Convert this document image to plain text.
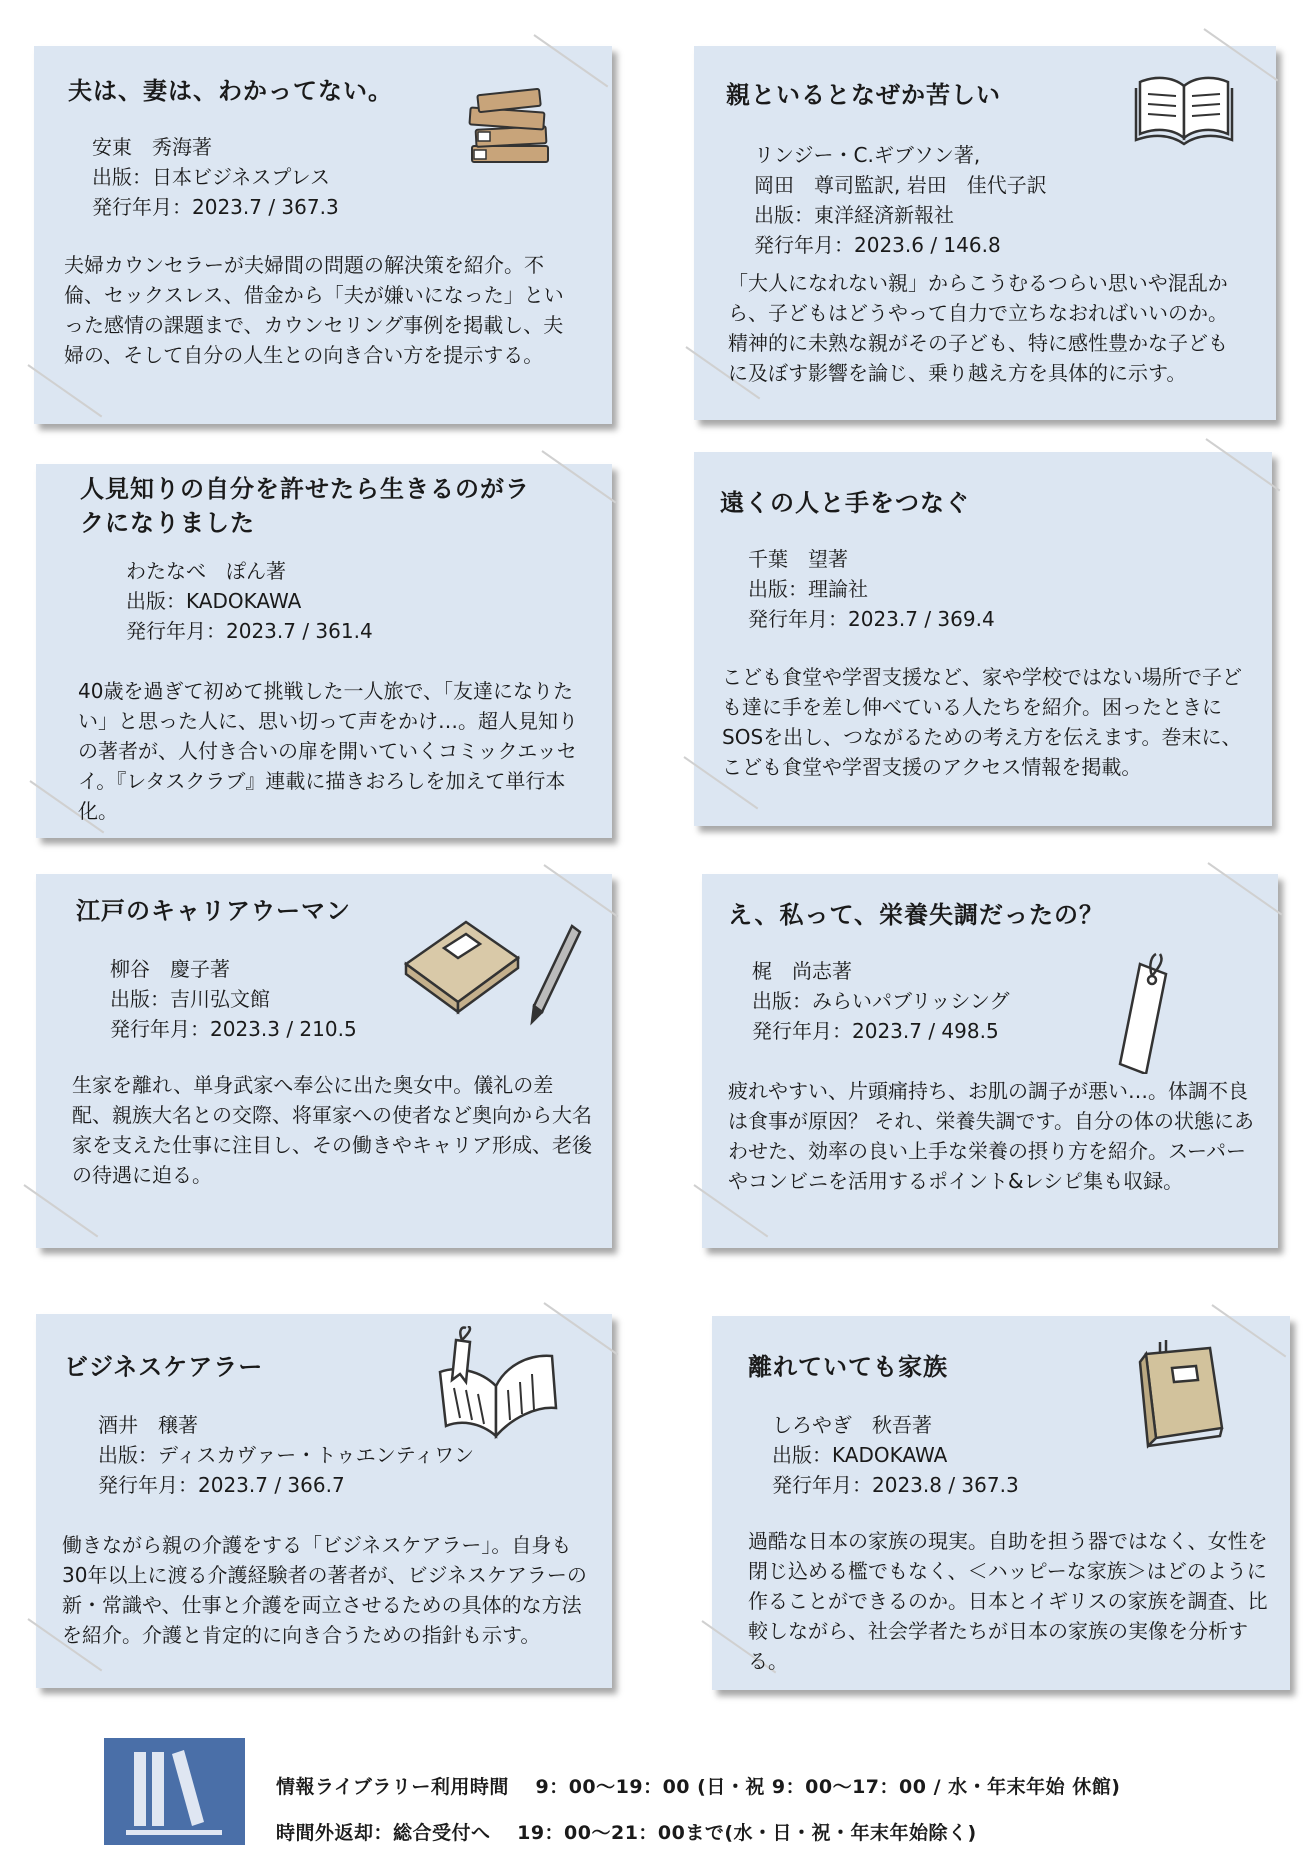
夫は、妻は、わかってない。
安東　秀海著
出版：日本ビジネスプレス
発行年月：2023.7 / 367.3

夫婦カウンセラーが夫婦間の問題の解決策を紹介。不倫、セックスレス、借金から「夫が嫌いになった」といった感情の課題まで、カウンセリング事例を掲載し、夫婦の、そして自分の人生との向き合い方を提示する。

親といるとなぜか苦しい
リンジー・C.ギブソン著,
岡田　尊司監訳, 岩田　佳代子訳
出版：東洋経済新報社
発行年月：2023.6 / 146.8

「大人になれない親」からこうむるつらい思いや混乱から、子どもはどうやって自力で立ちなおればいいのか。精神的に未熟な親がその子ども、特に感性豊かな子どもに及ぼす影響を論じ、乗り越え方を具体的に示す。

人見知りの自分を許せたら生きるのがラクになりました
わたなべ　ぽん著
出版：KADOKAWA
発行年月：2023.7 / 361.4

40歳を過ぎて初めて挑戦した一人旅で、「友達になりたい」と思った人に、思い切って声をかけ…。超人見知りの著者が、人付き合いの扉を開いていくコミックエッセイ。『レタスクラブ』連載に描きおろしを加えて単行本化。

遠くの人と手をつなぐ
千葉　望著
出版：理論社
発行年月：2023.7 / 369.4

こども食堂や学習支援など、家や学校ではない場所で子ども達に手を差し伸べている人たちを紹介。困ったときにSOSを出し、つながるための考え方を伝えます。巻末に、こども食堂や学習支援のアクセス情報を掲載。

江戸のキャリアウーマン
柳谷　慶子著
出版：吉川弘文館
発行年月：2023.3 / 210.5

生家を離れ、単身武家へ奉公に出た奥女中。儀礼の差配、親族大名との交際、将軍家への使者など奥向から大名家を支えた仕事に注目し、その働きやキャリア形成、老後の待遇に迫る。

え、私って、栄養失調だったの？
梶　尚志著
出版：みらいパブリッシング
発行年月：2023.7 / 498.5

疲れやすい、片頭痛持ち、お肌の調子が悪い…。体調不良は食事が原因？ それ、栄養失調です。自分の体の状態にあわせた、効率の良い上手な栄養の摂り方を紹介。スーパーやコンビニを活用するポイント&レシピ集も収録。

ビジネスケアラー
酒井　穣著
出版：ディスカヴァー・トゥエンティワン
発行年月：2023.7 / 366.7

働きながら親の介護をする「ビジネスケアラー」。自身も30年以上に渡る介護経験者の著者が、ビジネスケアラーの新・常識や、仕事と介護を両立させるための具体的な方法を紹介。介護と肯定的に向き合うための指針も示す。

離れていても家族
しろやぎ　秋吾著
出版：KADOKAWA
発行年月：2023.8 / 367.3

過酷な日本の家族の現実。自助を担う器ではなく、女性を閉じ込める檻でもなく、＜ハッピーな家族＞はどのように作ることができるのか。日本とイギリスの家族を調査、比較しながら、社会学者たちが日本の家族の実像を分析する。

情報ライブラリー利用時間　 9：00～19：00 (日・祝 9：00～17：00 / 水・年末年始 休館)
時間外返却：総合受付へ　 19：00～21：00まで(水・日・祝・年末年始除く)
